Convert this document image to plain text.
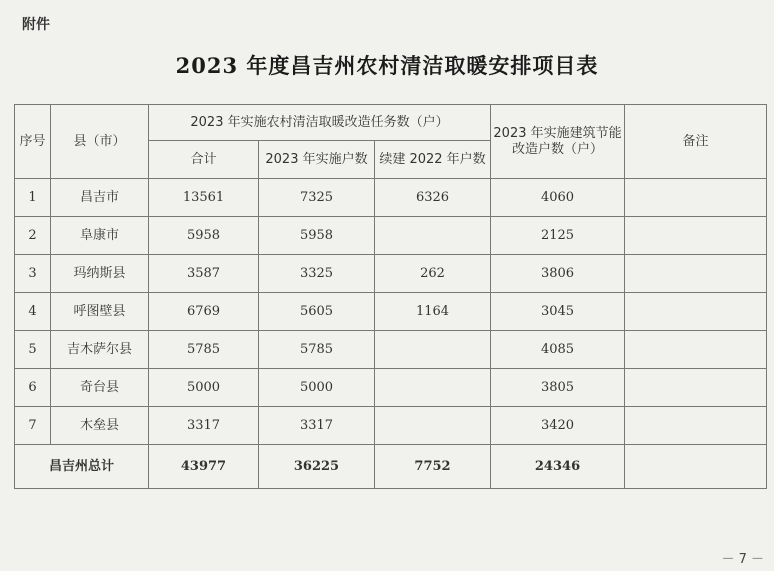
附件
2023 年度昌吉州农村清洁取暖安排项目表
序号	县（市）	2023 年实施农村清洁取暖改造任务数（户）			2023 年实施建筑节能改造户数（户）	备注
		合计	2023 年实施户数	续建 2022 年户数		
1	昌吉市	13561	7325	6326	4060	
2	阜康市	5958	5958		2125	
3	玛纳斯县	3587	3325	262	3806	
4	呼图壁县	6769	5605	1164	3045	
5	吉木萨尔县	5785	5785		4085	
6	奇台县	5000	5000		3805	
7	木垒县	3317	3317		3420	
昌吉州总计		43977	36225	7752	24346	
－ 7 －
